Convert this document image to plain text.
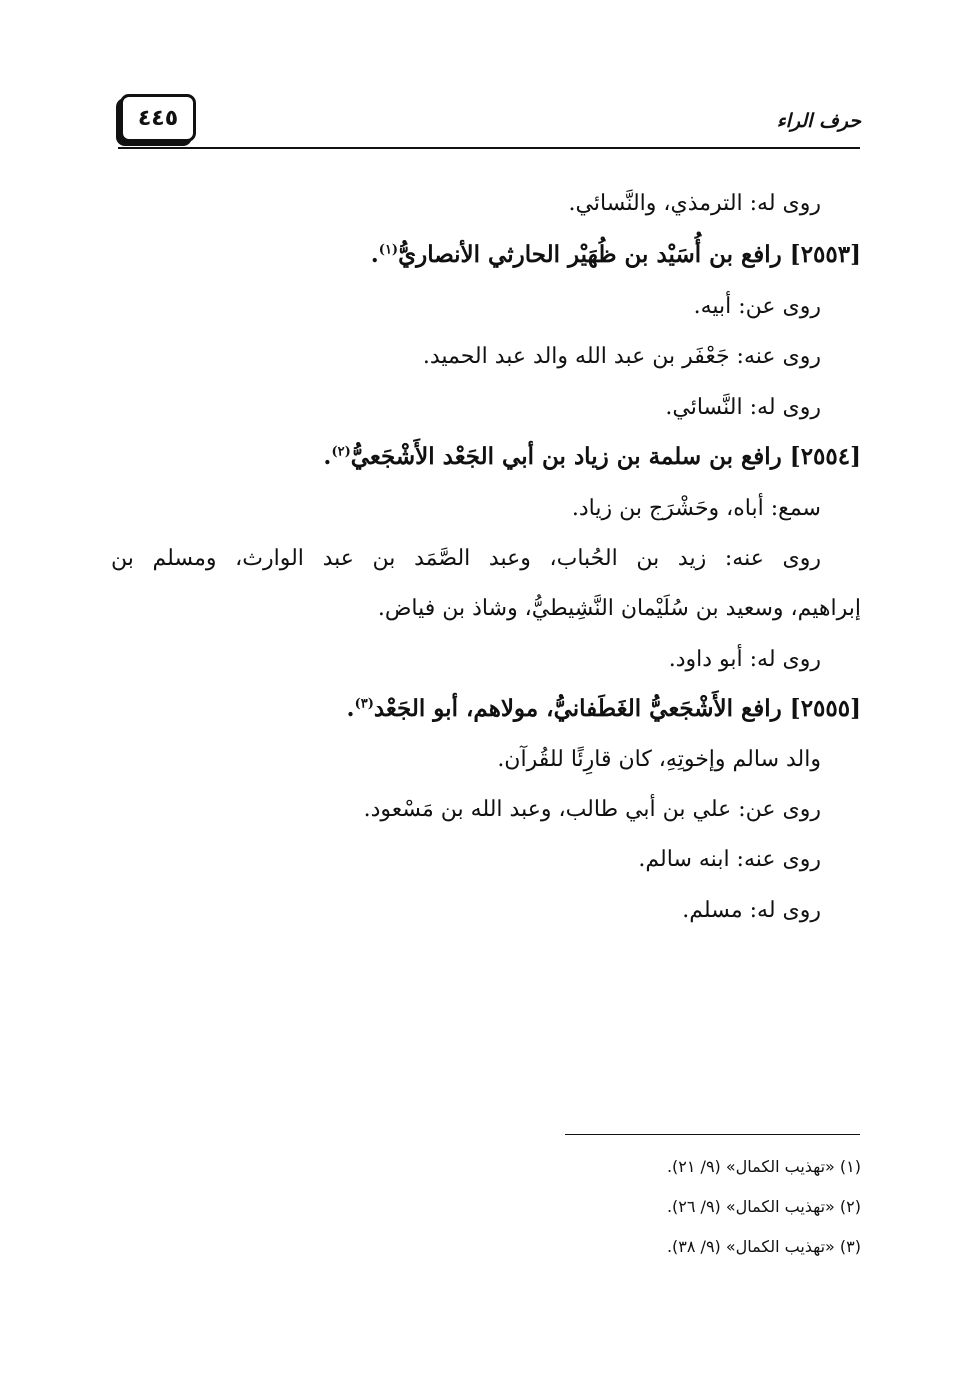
حرف الراء
٤٤٥
روى له: الترمذي، والنَّسائي.
[٢٥٥٣] رافع بن أُسَيْد بن ظُهَيْر الحارثي الأنصاريُّ$^{(١)}$.
روى عن: أبيه.
روى عنه: جَعْفَر بن عبد الله والد عبد الحميد.
روى له: النَّسائي.
[٢٥٥٤] رافع بن سلمة بن زياد بن أبي الجَعْد الأَشْجَعيُّ$^{(٢)}$.
سمع: أباه، وحَشْرَج بن زياد.
روى عنه: زيد بن الحُباب، وعبد الصَّمَد بن عبد الوارث، ومسلم بن
إبراهيم، وسعيد بن سُلَيْمان النَّشِيطيُّ، وشاذ بن فياض.
روى له: أبو داود.
[٢٥٥٥] رافع الأَشْجَعيُّ الغَطَفانيُّ، مولاهم، أبو الجَعْد$^{(٣)}$.
والد سالم وإخوتِهِ، كان قارِئًا للقُرآن.
روى عن: علي بن أبي طالب، وعبد الله بن مَسْعود.
روى عنه: ابنه سالم.
روى له: مسلم.
(١) «تهذيب الكمال» (٩/ ٢١).
(٢) «تهذيب الكمال» (٩/ ٢٦).
(٣) «تهذيب الكمال» (٩/ ٣٨).
